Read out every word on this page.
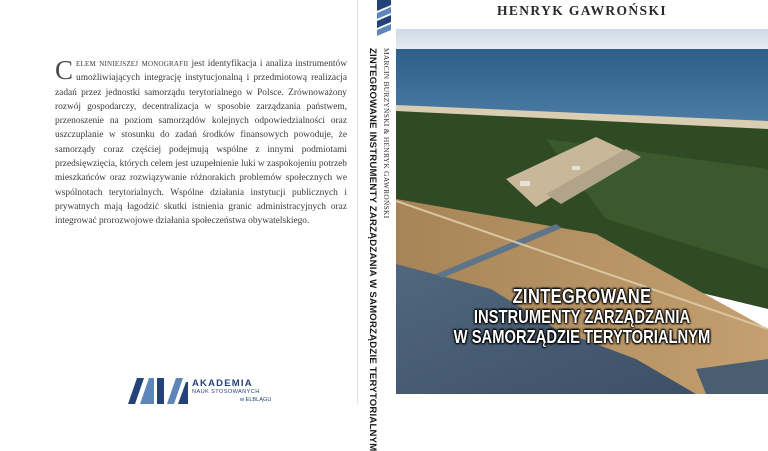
Celem niniejszej monografii jest identyfikacja i analiza instrumentów umożliwiających integrację instytucjonalną i przedmiotową realizacja zadań przez jednostki samorządu terytorialnego w Polsce. Zrównoważony rozwój gospodarczy, decentralizacja w sposobie zarządzania państwem, przenoszenie na poziom samorządów kolejnych odpowiedzialności oraz uszczuplanie w stosunku do zadań środków finansowych powoduje, że samorządy coraz częściej podejmują wspólne z innymi podmiotami przedsięwzięcia, których celem jest uzupełnienie luki w zaspokojeniu potrzeb mieszkańców oraz rozwiązywanie różnorakich problemów społecznych we wspólnotach terytorialnych. Wspólne działania instytucji publicznych i prywatnych mają łagodzić skutki istnienia granic administracyjnych oraz integrować prorozwojowe działania społeczeństwa obywatelskiego.
AKADEMIA
NAUK STOSOWANYCH
w ELBLĄGU
MARCIN BURZYŃSKI & HENRYK GAWROŃSKI
ZINTEGROWANE INSTRUMENTY ZARZĄDZANIA W SAMORZĄDZIE TERYTORIALNYM
HENRYK GAWROŃSKI
ZINTEGROWANE
INSTRUMENTY ZARZĄDZANIA
W SAMORZĄDZIE TERYTORIALNYM
